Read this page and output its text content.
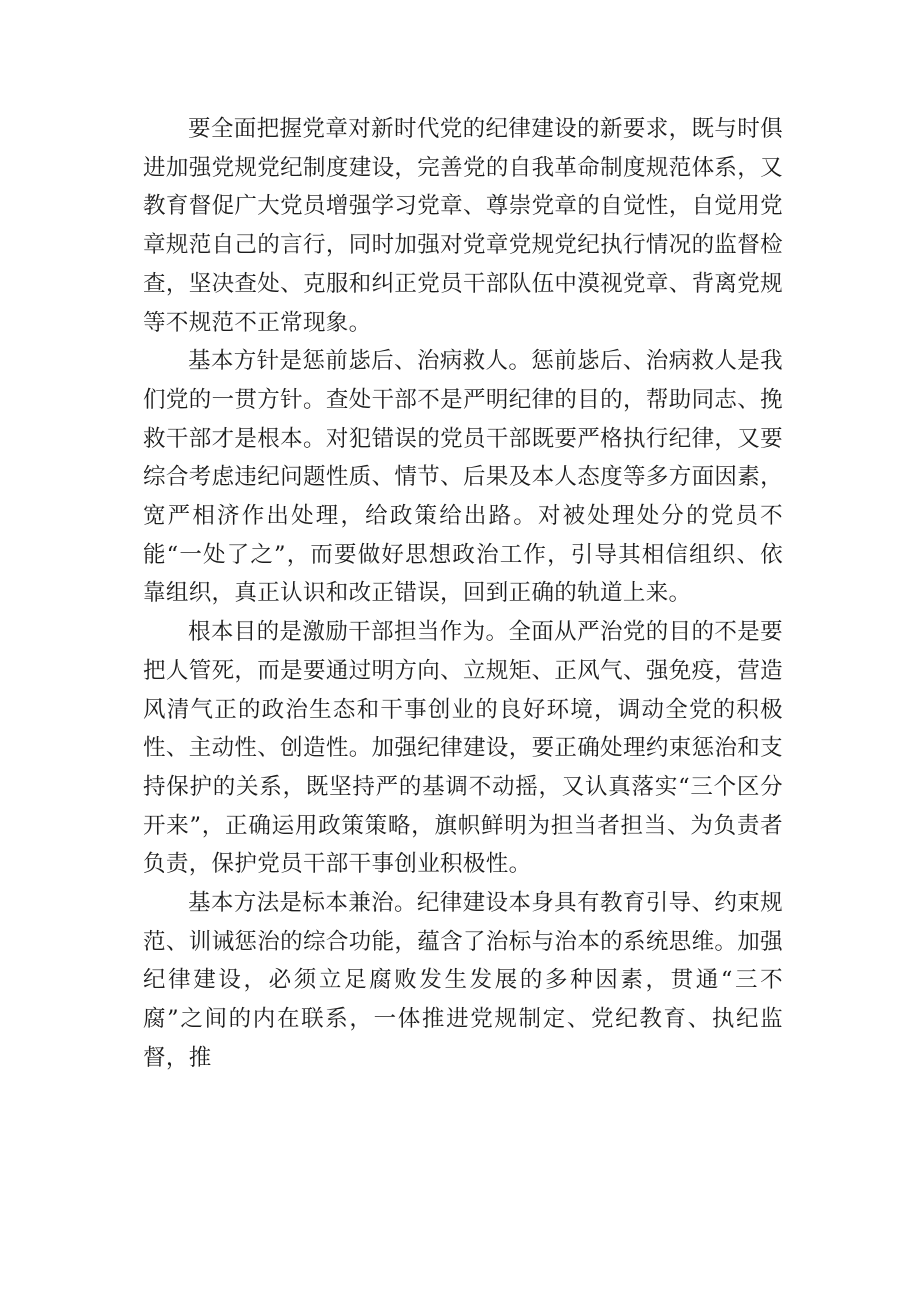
要全面把握党章对新时代党的纪律建设的新要求，既与时俱进加强党规党纪制度建设，完善党的自我革命制度规范体系，又教育督促广大党员增强学习党章、尊崇党章的自觉性，自觉用党章规范自己的言行，同时加强对党章党规党纪执行情况的监督检查，坚决查处、克服和纠正党员干部队伍中漠视党章、背离党规等不规范不正常现象。

基本方针是惩前毖后、治病救人。惩前毖后、治病救人是我们党的一贯方针。查处干部不是严明纪律的目的，帮助同志、挽救干部才是根本。对犯错误的党员干部既要严格执行纪律，又要综合考虑违纪问题性质、情节、后果及本人态度等多方面因素，宽严相济作出处理，给政策给出路。对被处理处分的党员不能“一处了之”，而要做好思想政治工作，引导其相信组织、依靠组织，真正认识和改正错误，回到正确的轨道上来。

根本目的是激励干部担当作为。全面从严治党的目的不是要把人管死，而是要通过明方向、立规矩、正风气、强免疫，营造风清气正的政治生态和干事创业的良好环境，调动全党的积极性、主动性、创造性。加强纪律建设，要正确处理约束惩治和支持保护的关系，既坚持严的基调不动摇，又认真落实“三个区分开来”，正确运用政策策略，旗帜鲜明为担当者担当、为负责者负责，保护党员干部干事创业积极性。

基本方法是标本兼治。纪律建设本身具有教育引导、约束规范、训诫惩治的综合功能，蕴含了治标与治本的系统思维。加强纪律建设，必须立足腐败发生发展的多种因素，贯通“三不腐”之间的内在联系，一体推进党规制定、党纪教育、执纪监督，推
